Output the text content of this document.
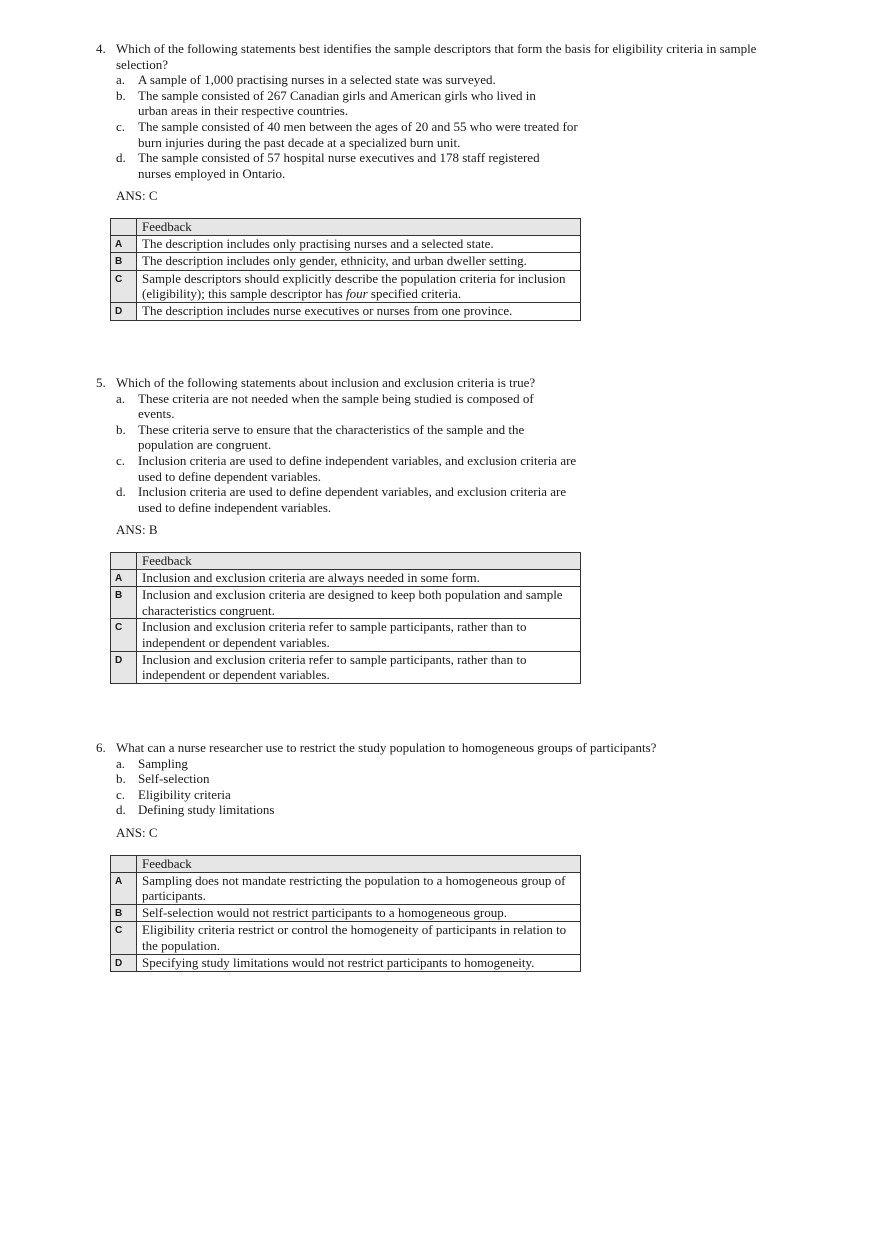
4. Which of the following statements best identifies the sample descriptors that form the basis for eligibility criteria in sample selection?
a. A sample of 1,000 practising nurses in a selected state was surveyed.
b. The sample consisted of 267 Canadian girls and American girls who lived in urban areas in their respective countries.
c. The sample consisted of 40 men between the ages of 20 and 55 who were treated for burn injuries during the past decade at a specialized burn unit.
d. The sample consisted of 57 hospital nurse executives and 178 staff registered nurses employed in Ontario.
ANS: C
	Feedback
A	The description includes only practising nurses and a selected state.
B	The description includes only gender, ethnicity, and urban dweller setting.
C	Sample descriptors should explicitly describe the population criteria for inclusion (eligibility); this sample descriptor has four specified criteria.
D	The description includes nurse executives or nurses from one province.
5. Which of the following statements about inclusion and exclusion criteria is true?
a. These criteria are not needed when the sample being studied is composed of events.
b. These criteria serve to ensure that the characteristics of the sample and the population are congruent.
c. Inclusion criteria are used to define independent variables, and exclusion criteria are used to define dependent variables.
d. Inclusion criteria are used to define dependent variables, and exclusion criteria are used to define independent variables.
ANS: B
	Feedback
A	Inclusion and exclusion criteria are always needed in some form.
B	Inclusion and exclusion criteria are designed to keep both population and sample characteristics congruent.
C	Inclusion and exclusion criteria refer to sample participants, rather than to independent or dependent variables.
D	Inclusion and exclusion criteria refer to sample participants, rather than to independent or dependent variables.
6. What can a nurse researcher use to restrict the study population to homogeneous groups of participants?
a. Sampling
b. Self-selection
c. Eligibility criteria
d. Defining study limitations
ANS: C
	Feedback
A	Sampling does not mandate restricting the population to a homogeneous group of participants.
B	Self-selection would not restrict participants to a homogeneous group.
C	Eligibility criteria restrict or control the homogeneity of participants in relation to the population.
D	Specifying study limitations would not restrict participants to homogeneity.
